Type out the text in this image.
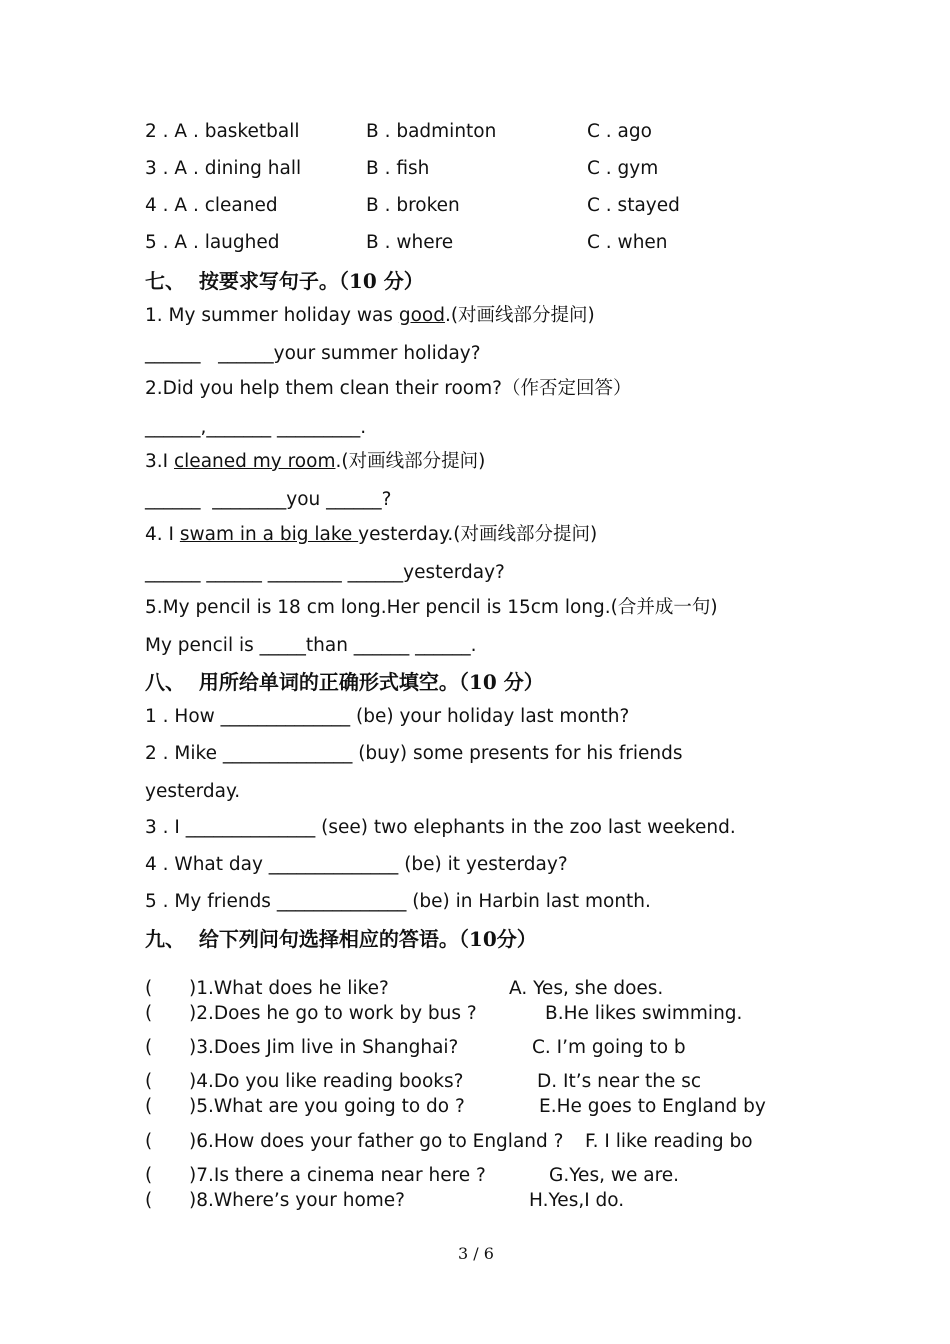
2 . A . basketball	B . badminton	C . ago
3 . A . dining hall	B . fish	C . gym
4 . A . cleaned	B . broken	C . stayed
5 . A . laughed	B . where	C . when
七、  按要求写句子。（10 分）
1. My summer holiday was good.(对画线部分提问)
______   ______your summer holiday?
2.Did you help them clean their room?（作否定回答）
______,_______ _________.
3.I cleaned my room.(对画线部分提问)
______  ________you ______?
4. I swam in a big lake yesterday.(对画线部分提问)
______ ______ ________ ______yesterday?
5.My pencil is 18 cm long.Her pencil is 15cm long.(合并成一句)
My pencil is _____than ______ ______.
八、  用所给单词的正确形式填空。（10 分）
1 . How ______________ (be) your holiday last month?
2 . Mike ______________ (buy) some presents for his friends
yesterday.
3 . I ______________ (see) two elephants in the zoo last weekend.
4 . What day ______________ (be) it yesterday?
5 . My friends ______________ (be) in Harbin last month.
九、  给下列问句选择相应的答语。（10分）
( )1.What does he like?	A. Yes, she does.
( )2.Does he go to work by bus ?	B.He likes swimming.
( )3.Does Jim live in Shanghai?	C. I’m going to b
( )4.Do you like reading books?	D. It’s near the sc
( )5.What are you going to do ?	E.He goes to England by
( )6.How does your father go to England ? F. I like reading bo
( )7.Is there a cinema near here ?	G.Yes, we are.
( )8.Where’s your home?	H.Yes,I do.
3 / 6
